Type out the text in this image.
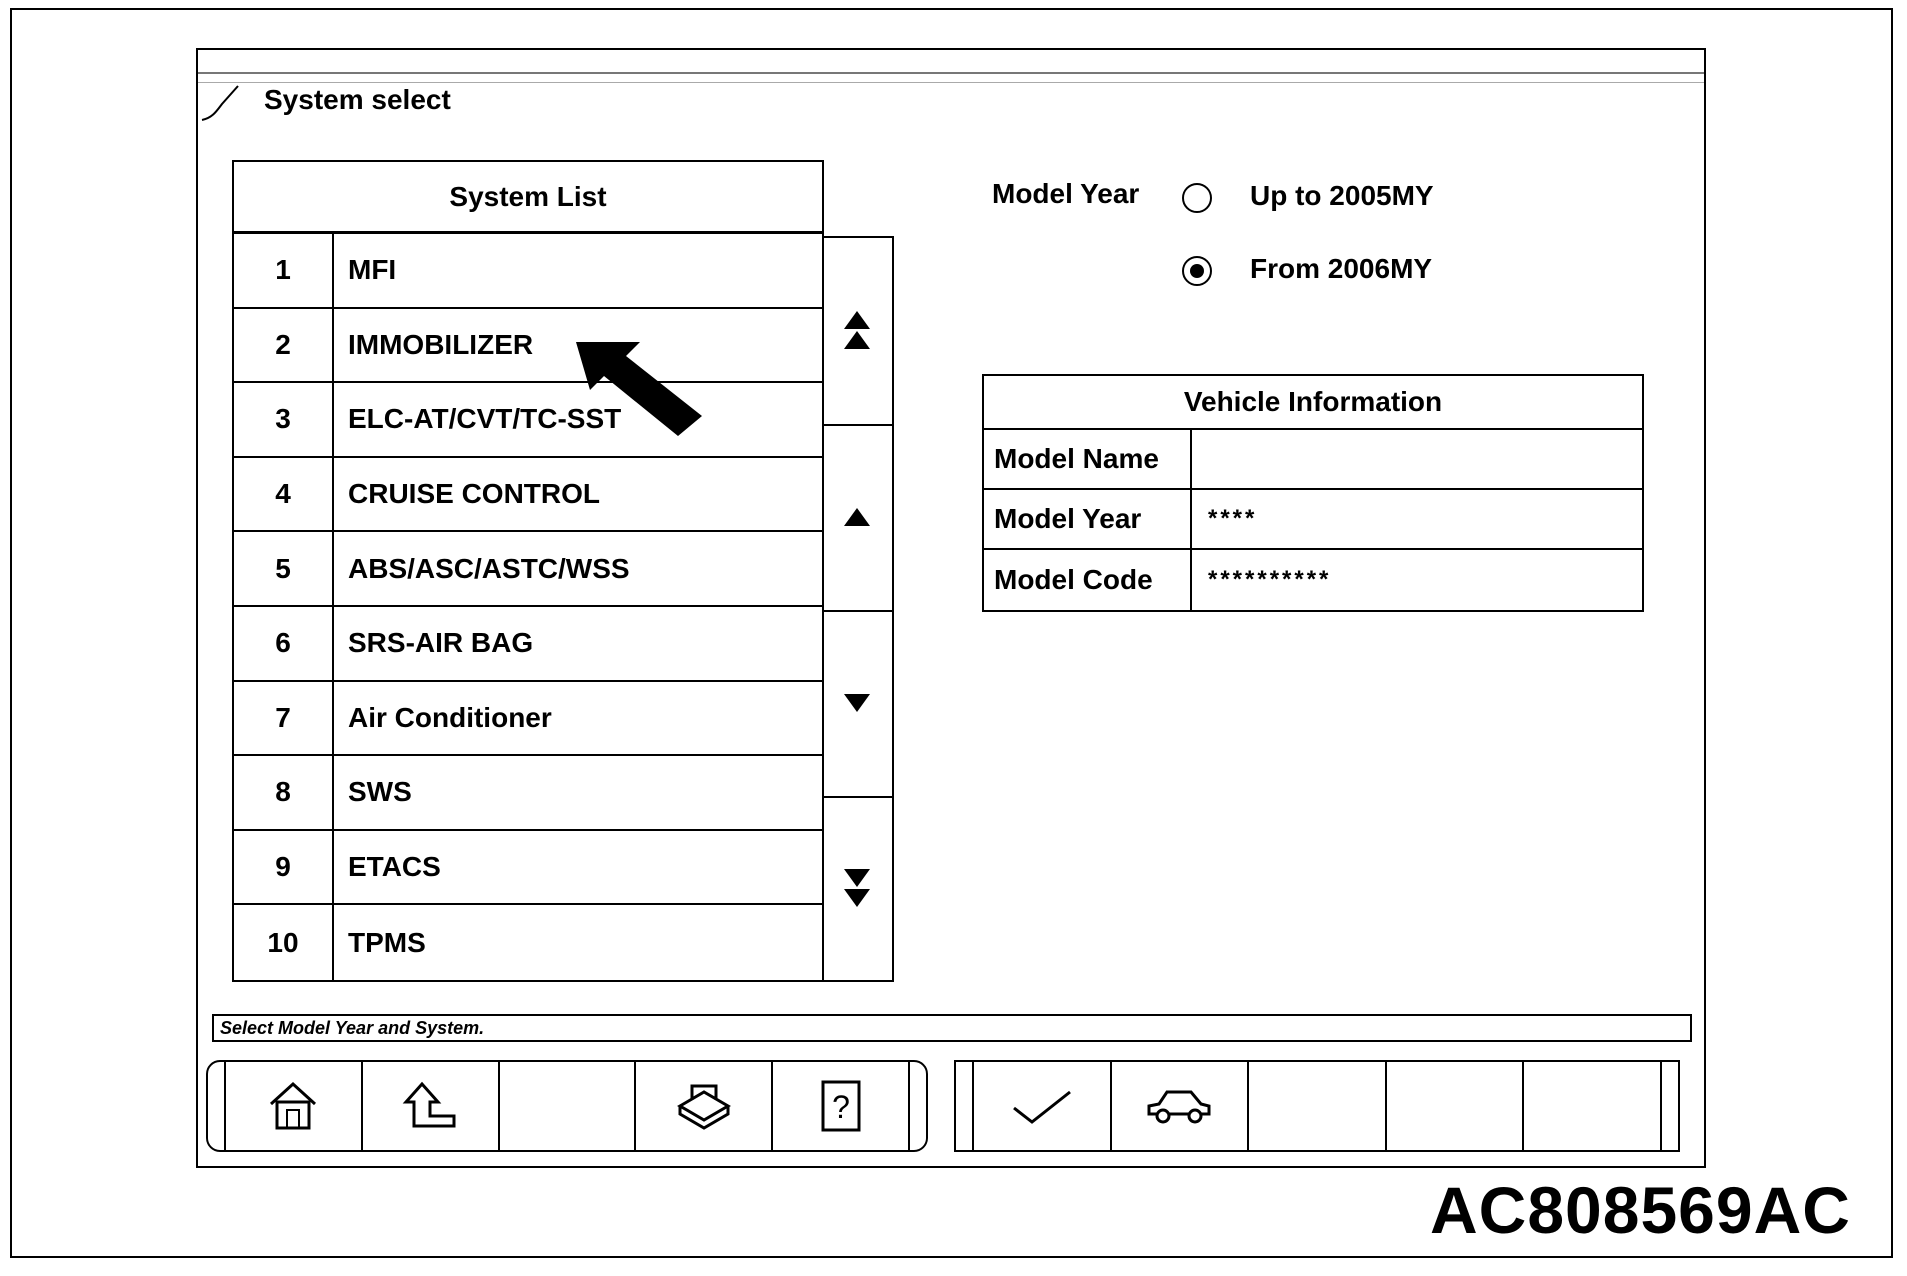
System select
System List
1	MFI
2	IMMOBILIZER
3	ELC-AT/CVT/TC-SST
4	CRUISE CONTROL
5	ABS/ASC/ASTC/WSS
6	SRS-AIR BAG
7	Air Conditioner
8	SWS
9	ETACS
10	TPMS
Model Year	Up to 2005MY
From 2006MY
Vehicle Information
Model Name
Model Year	****
Model Code	**********
Select Model Year and System.
?
AC808569AC
